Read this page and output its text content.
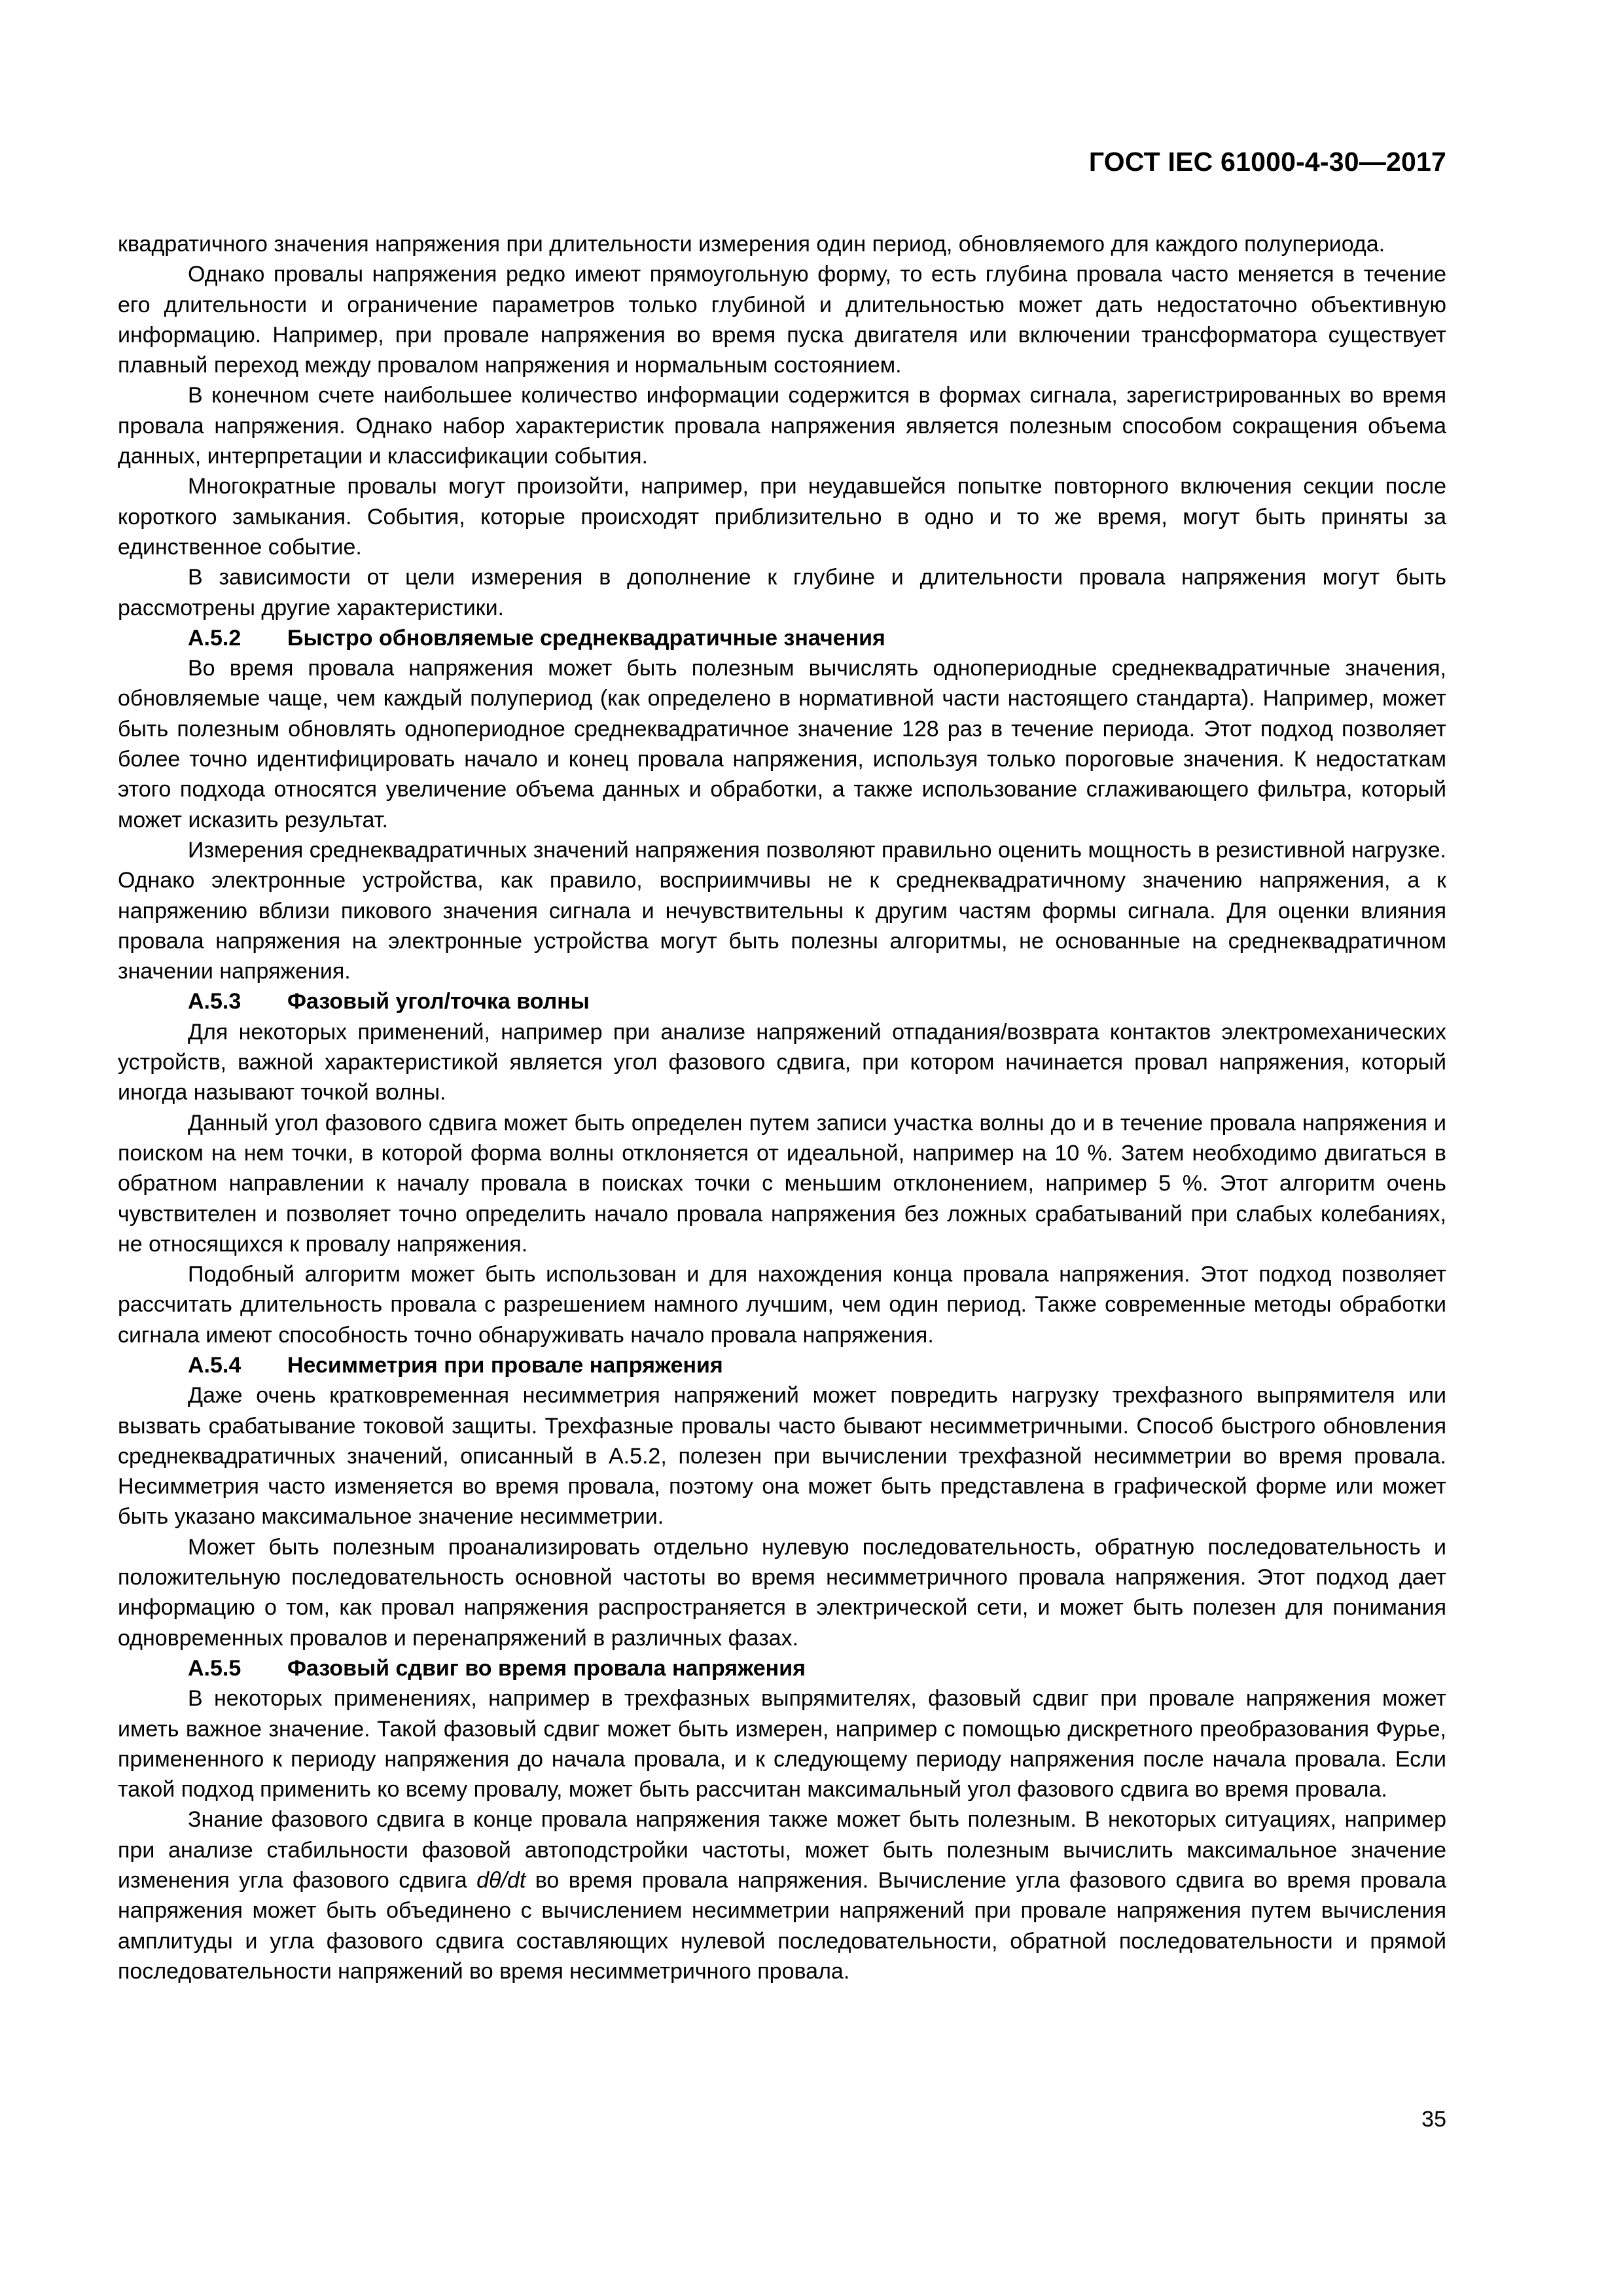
ГОСТ IEC 61000-4-30—2017

квадратичного значения напряжения при длительности измерения один период, обновляемого для каждого полупериода.

Однако провалы напряжения редко имеют прямоугольную форму, то есть глубина провала часто меняется в течение его длительности и ограничение параметров только глубиной и длительностью может дать недостаточно объективную информацию. Например, при провале напряжения во время пуска двигателя или включении трансформатора существует плавный переход между провалом напряжения и нормальным состоянием.

В конечном счете наибольшее количество информации содержится в формах сигнала, зарегистрированных во время провала напряжения. Однако набор характеристик провала напряжения является полезным способом сокращения объема данных, интерпретации и классификации события.

Многократные провалы могут произойти, например, при неудавшейся попытке повторного включения секции после короткого замыкания. События, которые происходят приблизительно в одно и то же время, могут быть приняты за единственное событие.

В зависимости от цели измерения в дополнение к глубине и длительности провала напряжения могут быть рассмотрены другие характеристики.

А.5.2 Быстро обновляемые среднеквадратичные значения

Во время провала напряжения может быть полезным вычислять однопериодные среднеквадратичные значения, обновляемые чаще, чем каждый полупериод (как определено в нормативной части настоящего стандарта). Например, может быть полезным обновлять однопериодное среднеквадратичное значение 128 раз в течение периода. Этот подход позволяет более точно идентифицировать начало и конец провала напряжения, используя только пороговые значения. К недостаткам этого подхода относятся увеличение объема данных и обработки, а также использование сглаживающего фильтра, который может исказить результат.

Измерения среднеквадратичных значений напряжения позволяют правильно оценить мощность в резистивной нагрузке. Однако электронные устройства, как правило, восприимчивы не к среднеквадратичному значению напряжения, а к напряжению вблизи пикового значения сигнала и нечувствительны к другим частям формы сигнала. Для оценки влияния провала напряжения на электронные устройства могут быть полезны алгоритмы, не основанные на среднеквадратичном значении напряжения.

А.5.3 Фазовый угол/точка волны

Для некоторых применений, например при анализе напряжений отпадания/возврата контактов электромеханических устройств, важной характеристикой является угол фазового сдвига, при котором начинается провал напряжения, который иногда называют точкой волны.

Данный угол фазового сдвига может быть определен путем записи участка волны до и в течение провала напряжения и поиском на нем точки, в которой форма волны отклоняется от идеальной, например на 10 %. Затем необходимо двигаться в обратном направлении к началу провала в поисках точки с меньшим отклонением, например 5 %. Этот алгоритм очень чувствителен и позволяет точно определить начало провала напряжения без ложных срабатываний при слабых колебаниях, не относящихся к провалу напряжения.

Подобный алгоритм может быть использован и для нахождения конца провала напряжения. Этот подход позволяет рассчитать длительность провала с разрешением намного лучшим, чем один период. Также современные методы обработки сигнала имеют способность точно обнаруживать начало провала напряжения.

А.5.4 Несимметрия при провале напряжения

Даже очень кратковременная несимметрия напряжений может повредить нагрузку трехфазного выпрямителя или вызвать срабатывание токовой защиты. Трехфазные провалы часто бывают несимметричными. Способ быстрого обновления среднеквадратичных значений, описанный в А.5.2, полезен при вычислении трехфазной несимметрии во время провала. Несимметрия часто изменяется во время провала, поэтому она может быть представлена в графической форме или может быть указано максимальное значение несимметрии.

Может быть полезным проанализировать отдельно нулевую последовательность, обратную последовательность и положительную последовательность основной частоты во время несимметричного провала напряжения. Этот подход дает информацию о том, как провал напряжения распространяется в электрической сети, и может быть полезен для понимания одновременных провалов и перенапряжений в различных фазах.

А.5.5 Фазовый сдвиг во время провала напряжения

В некоторых применениях, например в трехфазных выпрямителях, фазовый сдвиг при провале напряжения может иметь важное значение. Такой фазовый сдвиг может быть измерен, например с помощью дискретного преобразования Фурье, примененного к периоду напряжения до начала провала, и к следующему периоду напряжения после начала провала. Если такой подход применить ко всему провалу, может быть рассчитан максимальный угол фазового сдвига во время провала.

Знание фазового сдвига в конце провала напряжения также может быть полезным. В некоторых ситуациях, например при анализе стабильности фазовой автоподстройки частоты, может быть полезным вычислить максимальное значение изменения угла фазового сдвига dθ/dt во время провала напряжения. Вычисление угла фазового сдвига во время провала напряжения может быть объединено с вычислением несимметрии напряжений при провале напряжения путем вычисления амплитуды и угла фазового сдвига составляющих нулевой последовательности, обратной последовательности и прямой последовательности напряжений во время несимметричного провала.

35
